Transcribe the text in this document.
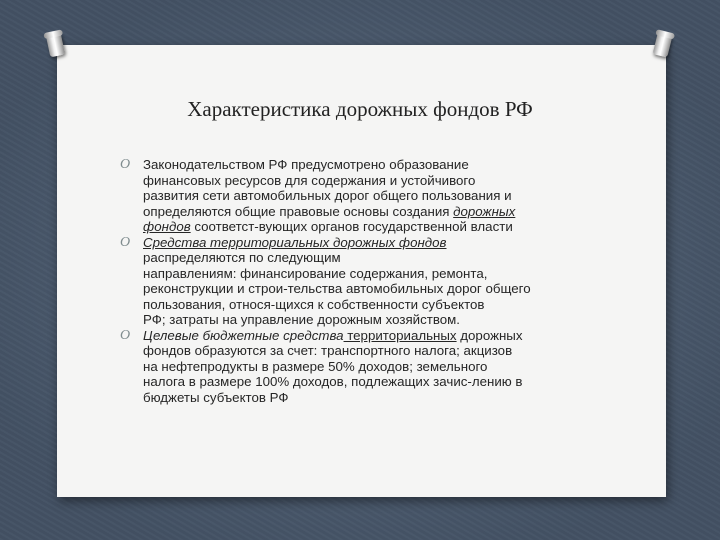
Характеристика дорожных фондов РФ
O Законодательством РФ предусмотрено образование
финансовых ресурсов для содержания и устойчивого
развития сети автомобильных дорог общего пользования и
определяются общие правовые основы создания дорожных
фондов соответст-вующих органов государственной власти
O Средства территориальных дорожных фондов
распределяются по следующим
направлениям: финансирование содержания, ремонта,
реконструкции и строи-тельства автомобильных дорог общего
пользования, относя-щихся к собственности субъектов
РФ; затраты на управление дорожным хозяйством.
O Целевые бюджетные средства территориальных дорожных
фондов образуются за счет: транспортного налога; акцизов
на нефтепродукты в размере 50% доходов; земельного
налога в размере 100% доходов, подлежащих зачис-лению в
бюджеты субъектов РФ
